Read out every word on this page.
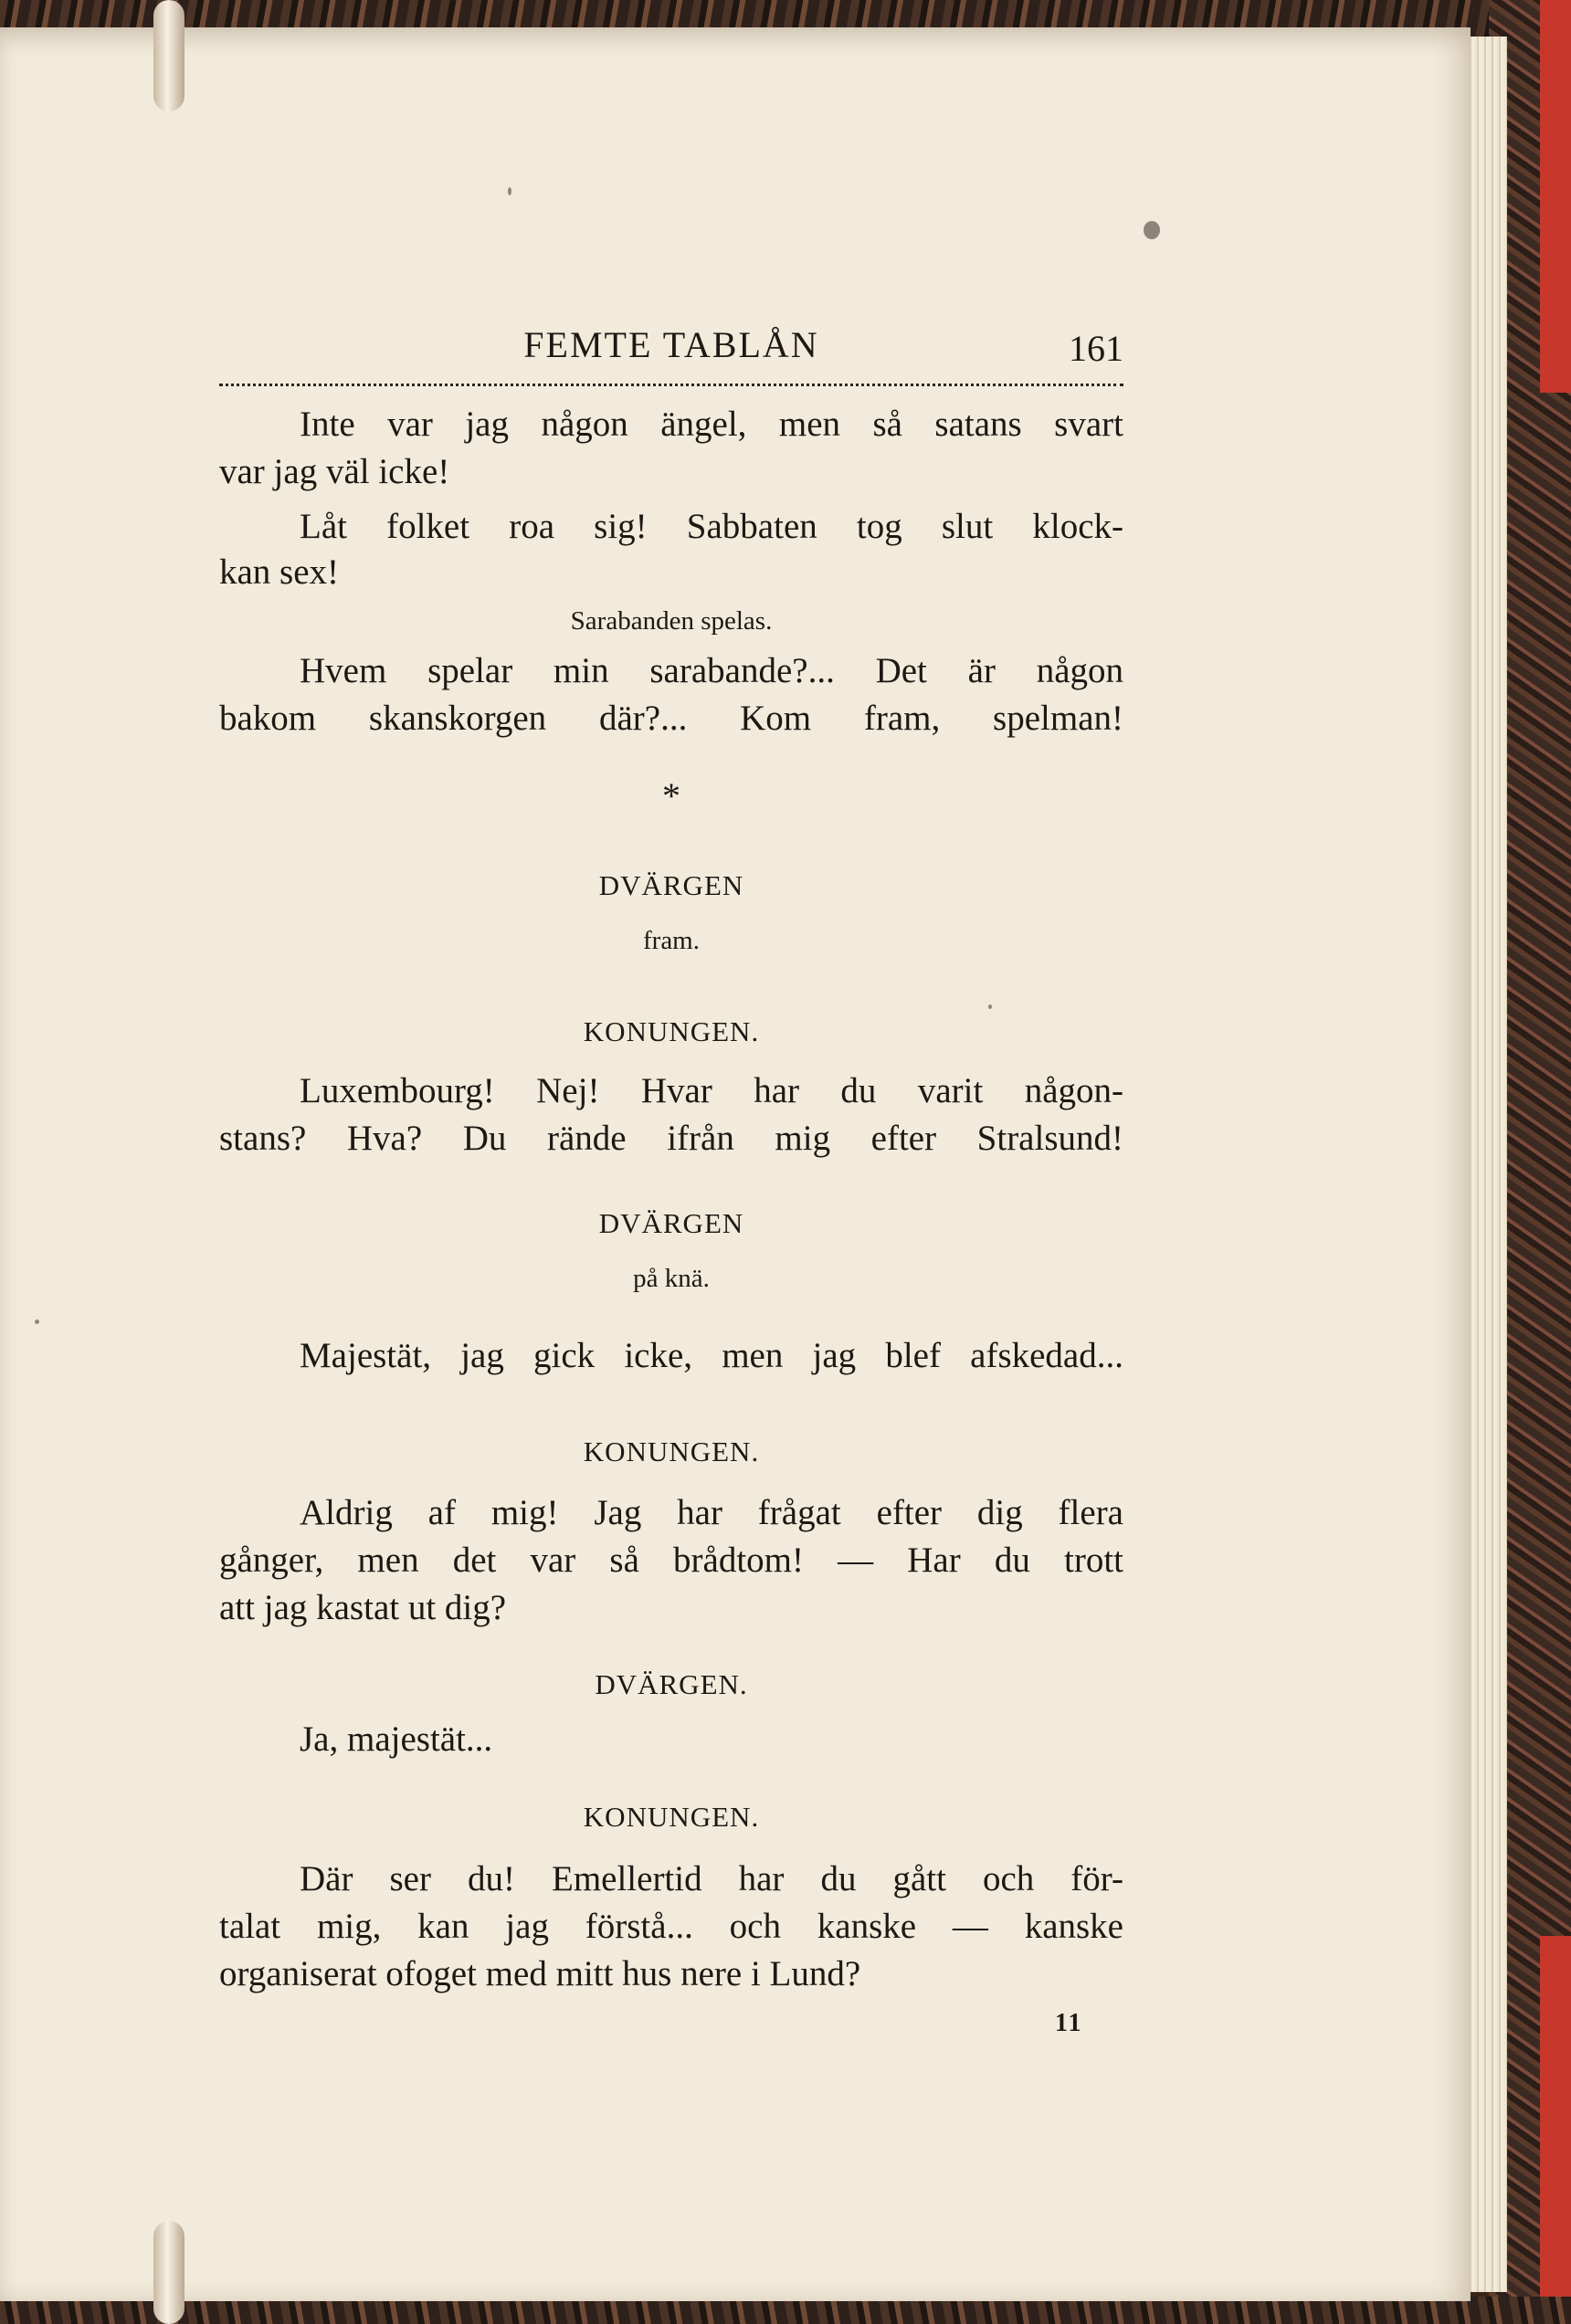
FEMTE TABLÅN	161
Inte var jag någon ängel, men så satans svart
var jag väl icke!
Låt folket roa sig! Sabbaten tog slut klock-
kan sex!
Sarabanden spelas.
Hvem spelar min sarabande?... Det är någon
bakom skanskorgen där?... Kom fram, spelman!
*
DVÄRGEN
fram.
KONUNGEN.
Luxembourg! Nej! Hvar har du varit någon-
stans? Hva? Du rände ifrån mig efter Stralsund!
DVÄRGEN
på knä.
Majestät, jag gick icke, men jag blef afskedad...
KONUNGEN.
Aldrig af mig! Jag har frågat efter dig flera
gånger, men det var så brådtom! — Har du trott
att jag kastat ut dig?
DVÄRGEN.
Ja, majestät...
KONUNGEN.
Där ser du! Emellertid har du gått och för-
talat mig, kan jag förstå... och kanske — kanske
organiserat ofoget med mitt hus nere i Lund?
11
